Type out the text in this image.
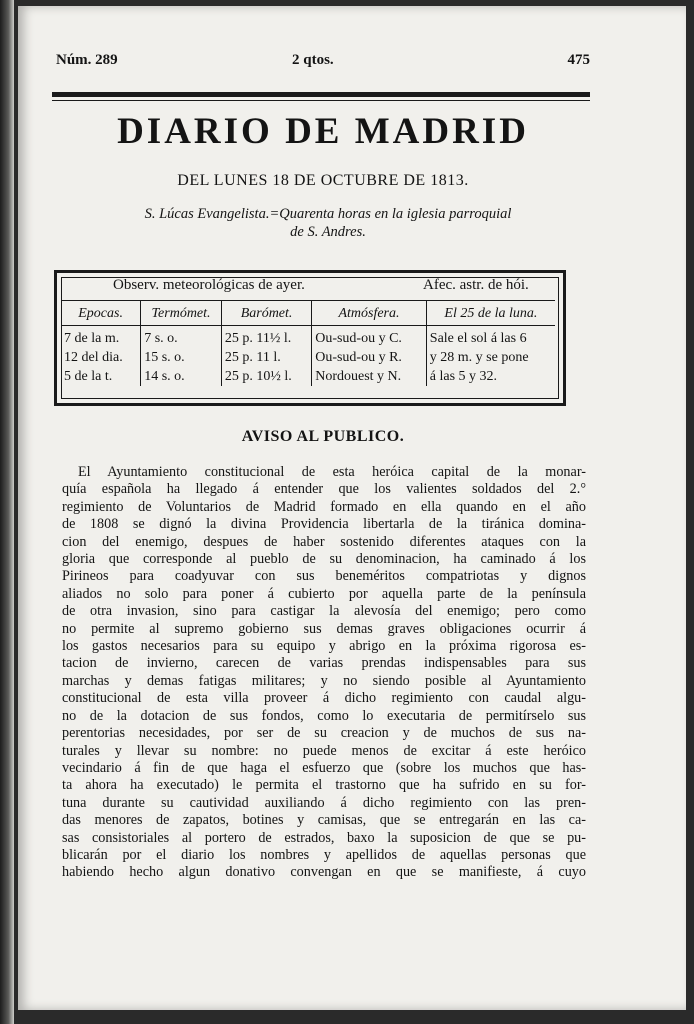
Núm. 289	2 qtos.	475
DIARIO DE MADRID
DEL LUNES 18 DE OCTUBRE DE 1813.
S. Lúcas Evangelista.=Quarenta horas en la iglesia parroquial
de S. Andres.
Observ. meteorológicas de ayer.	Afec. astr. de hói.
Epocas.	Termómet.	Barómet.	Atmósfera.	El 25 de la luna.
7 de la m.	7 s. o.	25 p. 11½ l.	Ou-sud-ou y C.	Sale el sol á las 6
12 del dia.	15 s. o.	25 p. 11 l.	Ou-sud-ou y R.	y 28 m. y se pone
5 de la t.	14 s. o.	25 p. 10½ l.	Nordouest y N.	á las 5 y 32.
AVISO AL PUBLICO.
El Ayuntamiento constitucional de esta heróica capital de la monar-
quía española ha llegado á entender que los valientes soldados del 2.°
regimiento de Voluntarios de Madrid formado en ella quando en el año
de 1808 se dignó la divina Providencia libertarla de la tiránica domina-
cion del enemigo, despues de haber sostenido diferentes ataques con la
gloria que corresponde al pueblo de su denominacion, ha caminado á los
Pirineos para coadyuvar con sus beneméritos compatriotas y dignos
aliados no solo para poner á cubierto por aquella parte de la península
de otra invasion, sino para castigar la alevosía del enemigo; pero como
no permite al supremo gobierno sus demas graves obligaciones ocurrir á
los gastos necesarios para su equipo y abrigo en la próxima rigorosa es-
tacion de invierno, carecen de varias prendas indispensables para sus
marchas y demas fatigas militares; y no siendo posible al Ayuntamiento
constitucional de esta villa proveer á dicho regimiento con caudal algu-
no de la dotacion de sus fondos, como lo executaria de permitírselo sus
perentorias necesidades, por ser de su creacion y de muchos de sus na-
turales y llevar su nombre: no puede menos de excitar á este heróico
vecindario á fin de que haga el esfuerzo que (sobre los muchos que has-
ta ahora ha executado) le permita el trastorno que ha sufrido en su for-
tuna durante su cautividad auxiliando á dicho regimiento con las pren-
das menores de zapatos, botines y camisas, que se entregarán en las ca-
sas consistoriales al portero de estrados, baxo la suposicion de que se pu-
blicarán por el diario los nombres y apellidos de aquellas personas que
habiendo hecho algun donativo convengan en que se manifieste, á cuyo
